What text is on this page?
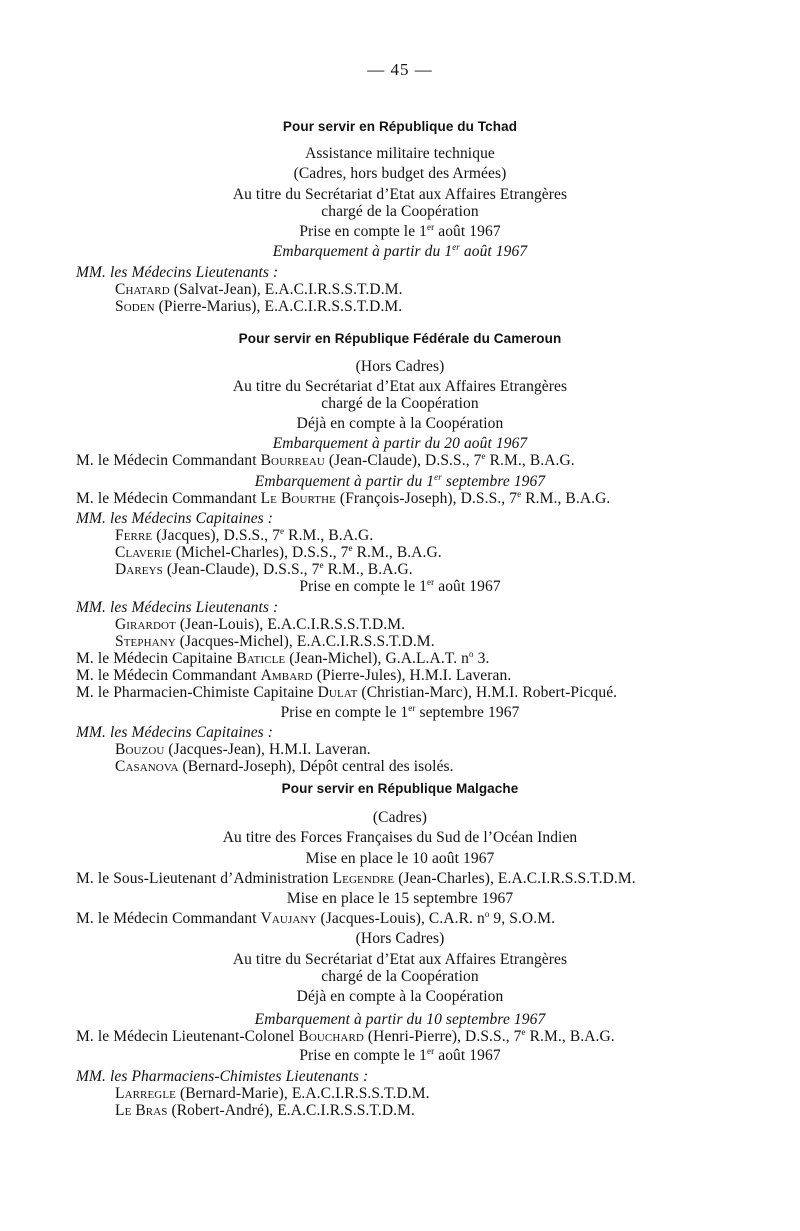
— 45 —
Pour servir en République du Tchad
Assistance militaire technique
(Cadres, hors budget des Armées)
Au titre du Secrétariat d’Etat aux Affaires Etrangères
chargé de la Coopération
Prise en compte le 1er août 1967
Embarquement à partir du 1er août 1967
MM. les Médecins Lieutenants :
Chatard (Salvat-Jean), E.A.C.I.R.S.S.T.D.M.
Soden (Pierre-Marius), E.A.C.I.R.S.S.T.D.M.
Pour servir en République Fédérale du Cameroun
(Hors Cadres)
Au titre du Secrétariat d’Etat aux Affaires Etrangères
chargé de la Coopération
Déjà en compte à la Coopération
Embarquement à partir du 20 août 1967
M. le Médecin Commandant Bourreau (Jean-Claude), D.S.S., 7e R.M., B.A.G.
Embarquement à partir du 1er septembre 1967
M. le Médecin Commandant Le Bourthe (François-Joseph), D.S.S., 7e R.M., B.A.G.
MM. les Médecins Capitaines :
Ferre (Jacques), D.S.S., 7e R.M., B.A.G.
Claverie (Michel-Charles), D.S.S., 7e R.M., B.A.G.
Dareys (Jean-Claude), D.S.S., 7e R.M., B.A.G.
Prise en compte le 1er août 1967
MM. les Médecins Lieutenants :
Girardot (Jean-Louis), E.A.C.I.R.S.S.T.D.M.
Stephany (Jacques-Michel), E.A.C.I.R.S.S.T.D.M.
M. le Médecin Capitaine Baticle (Jean-Michel), G.A.L.A.T. $n^o$ 3.
M. le Médecin Commandant Ambard (Pierre-Jules), H.M.I. Laveran.
M. le Pharmacien-Chimiste Capitaine Dulat (Christian-Marc), H.M.I. Robert-Picqué.
Prise en compte le 1er septembre 1967
MM. les Médecins Capitaines :
Bouzou (Jacques-Jean), H.M.I. Laveran.
Casanova (Bernard-Joseph), Dépôt central des isolés.
Pour servir en République Malgache
(Cadres)
Au titre des Forces Françaises du Sud de l’Océan Indien
Mise en place le 10 août 1967
M. le Sous-Lieutenant d’Administration Legendre (Jean-Charles), E.A.C.I.R.S.S.T.D.M.
Mise en place le 15 septembre 1967
M. le Médecin Commandant Vaujany (Jacques-Louis), C.A.R. $n^o$ 9, S.O.M.
(Hors Cadres)
Au titre du Secrétariat d’Etat aux Affaires Etrangères
chargé de la Coopération
Déjà en compte à la Coopération
Embarquement à partir du 10 septembre 1967
M. le Médecin Lieutenant-Colonel Bouchard (Henri-Pierre), D.S.S., 7e R.M., B.A.G.
Prise en compte le 1er août 1967
MM. les Pharmaciens-Chimistes Lieutenants :
Larregle (Bernard-Marie), E.A.C.I.R.S.S.T.D.M.
Le Bras (Robert-André), E.A.C.I.R.S.S.T.D.M.
